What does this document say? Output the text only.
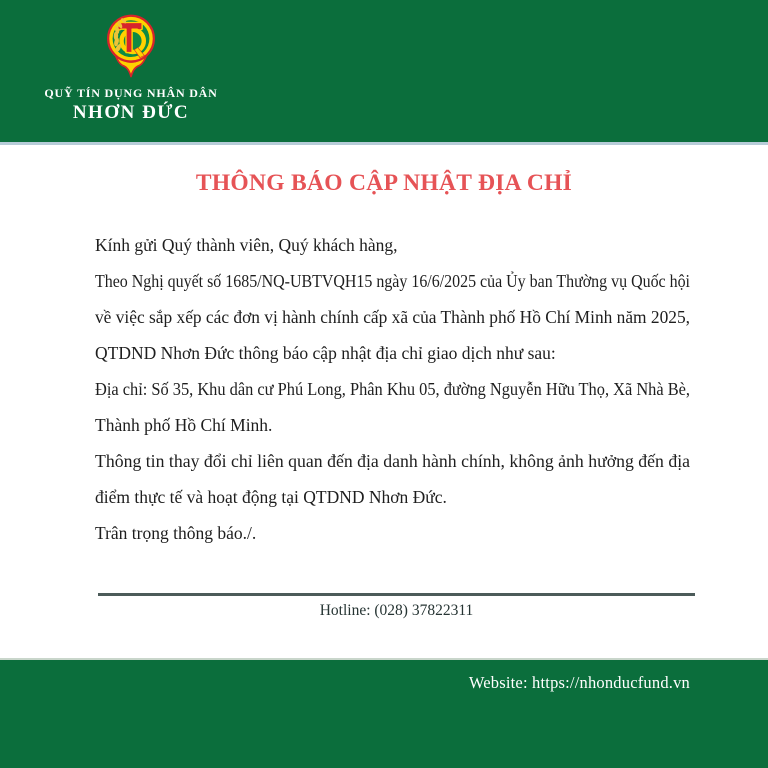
QUỸ TÍN DỤNG NHÂN DÂN
NHƠN ĐỨC
THÔNG BÁO CẬP NHẬT ĐỊA CHỈ
Kính gửi Quý thành viên, Quý khách hàng,
Theo Nghị quyết số 1685/NQ-UBTVQH15 ngày 16/6/2025 của Ủy ban Thường vụ Quốc hội
về việc sắp xếp các đơn vị hành chính cấp xã của Thành phố Hồ Chí Minh năm 2025,
QTDND Nhơn Đức thông báo cập nhật địa chỉ giao dịch như sau:
Địa chỉ: Số 35, Khu dân cư Phú Long, Phân Khu 05, đường Nguyễn Hữu Thọ, Xã Nhà Bè,
Thành phố Hồ Chí Minh.
Thông tin thay đổi chỉ liên quan đến địa danh hành chính, không ảnh hưởng đến địa
điểm thực tế và hoạt động tại QTDND Nhơn Đức.
Trân trọng thông báo./.
Hotline: (028) 37822311
Website: https://nhonducfund.vn
